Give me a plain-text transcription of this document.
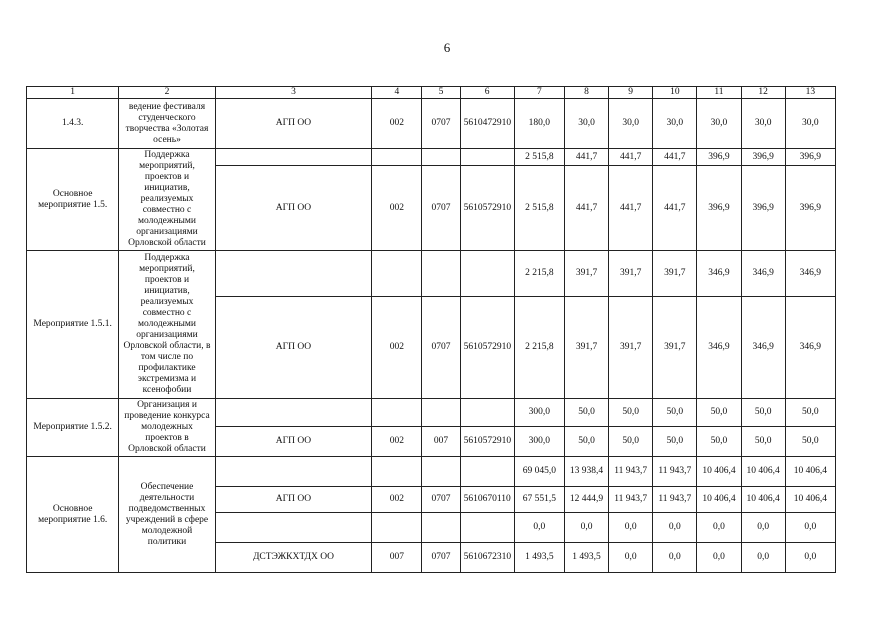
6
1	2	3	4	5	6	7	8	9	10	11	12	13
1.4.3.	ведение фестиваля студенческого творчества «Золотая осень»	АГП ОО	002	0707	5610472910	180,0	30,0	30,0	30,0	30,0	30,0	30,0
Основное мероприятие 1.5.	Поддержка мероприятий, проектов и инициатив, реализуемых совместно с молодежными организациями Орловской области					2 515,8	441,7	441,7	441,7	396,9	396,9	396,9
		АГП ОО	002	0707	5610572910	2 515,8	441,7	441,7	441,7	396,9	396,9	396,9
Мероприятие 1.5.1.	Поддержка мероприятий, проектов и инициатив, реализуемых совместно с молодежными организациями Орловской области, в том числе по профилактике экстремизма и ксенофобии					2 215,8	391,7	391,7	391,7	346,9	346,9	346,9
		АГП ОО	002	0707	5610572910	2 215,8	391,7	391,7	391,7	346,9	346,9	346,9
Мероприятие 1.5.2.	Организация и проведение конкурса молодежных проектов в Орловской области					300,0	50,0	50,0	50,0	50,0	50,0	50,0
		АГП ОО	002	007	5610572910	300,0	50,0	50,0	50,0	50,0	50,0	50,0
Основное мероприятие 1.6.	Обеспечение деятельности подведомственных учреждений в сфере молодежной политики					69 045,0	13 938,4	11 943,7	11 943,7	10 406,4	10 406,4	10 406,4
		АГП ОО	002	0707	5610670110	67 551,5	12 444,9	11 943,7	11 943,7	10 406,4	10 406,4	10 406,4
						0,0	0,0	0,0	0,0	0,0	0,0	0,0
		ДСТЭЖКХТДХ ОО	007	0707	5610672310	1 493,5	1 493,5	0,0	0,0	0,0	0,0	0,0
